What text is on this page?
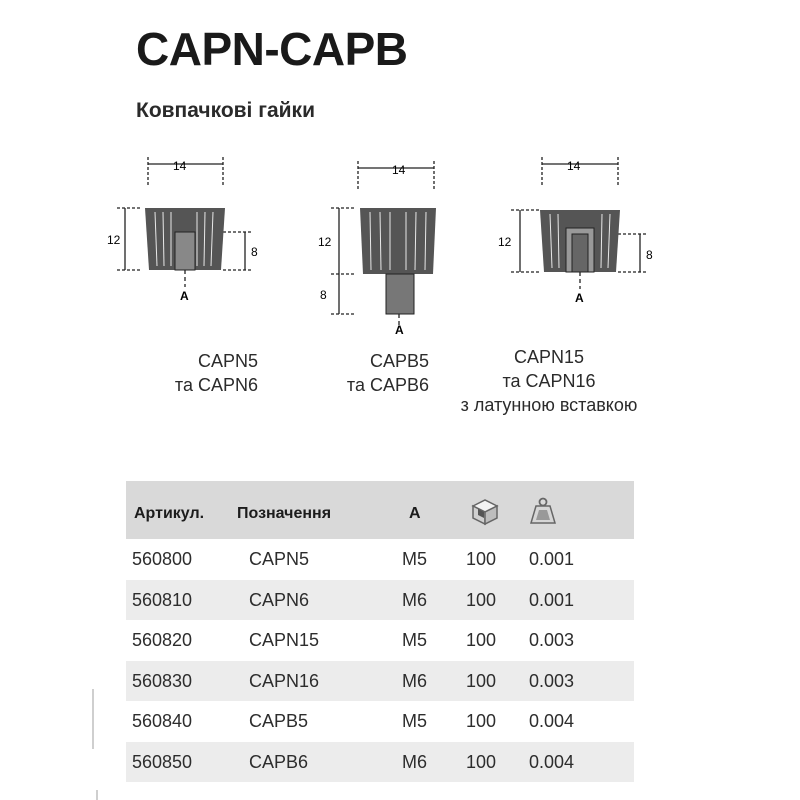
CAPN-CAPB
Ковпачкові гайки
14
12
8
A
14
12
8
A
14
12
8
A
CAPN5
та CAPN6
CAPB5
та CAPB6
CAPN15
та CAPN16
з латунною вставкою
Артикул. Позначення	A
560800	CAPN5	M5 100 0.001
560810	CAPN6	M6 100 0.001
560820	CAPN15	M5 100 0.003
560830	CAPN16	M6 100 0.003
560840	CAPB5	M5 100 0.004
560850	CAPB6	M6 100 0.004
